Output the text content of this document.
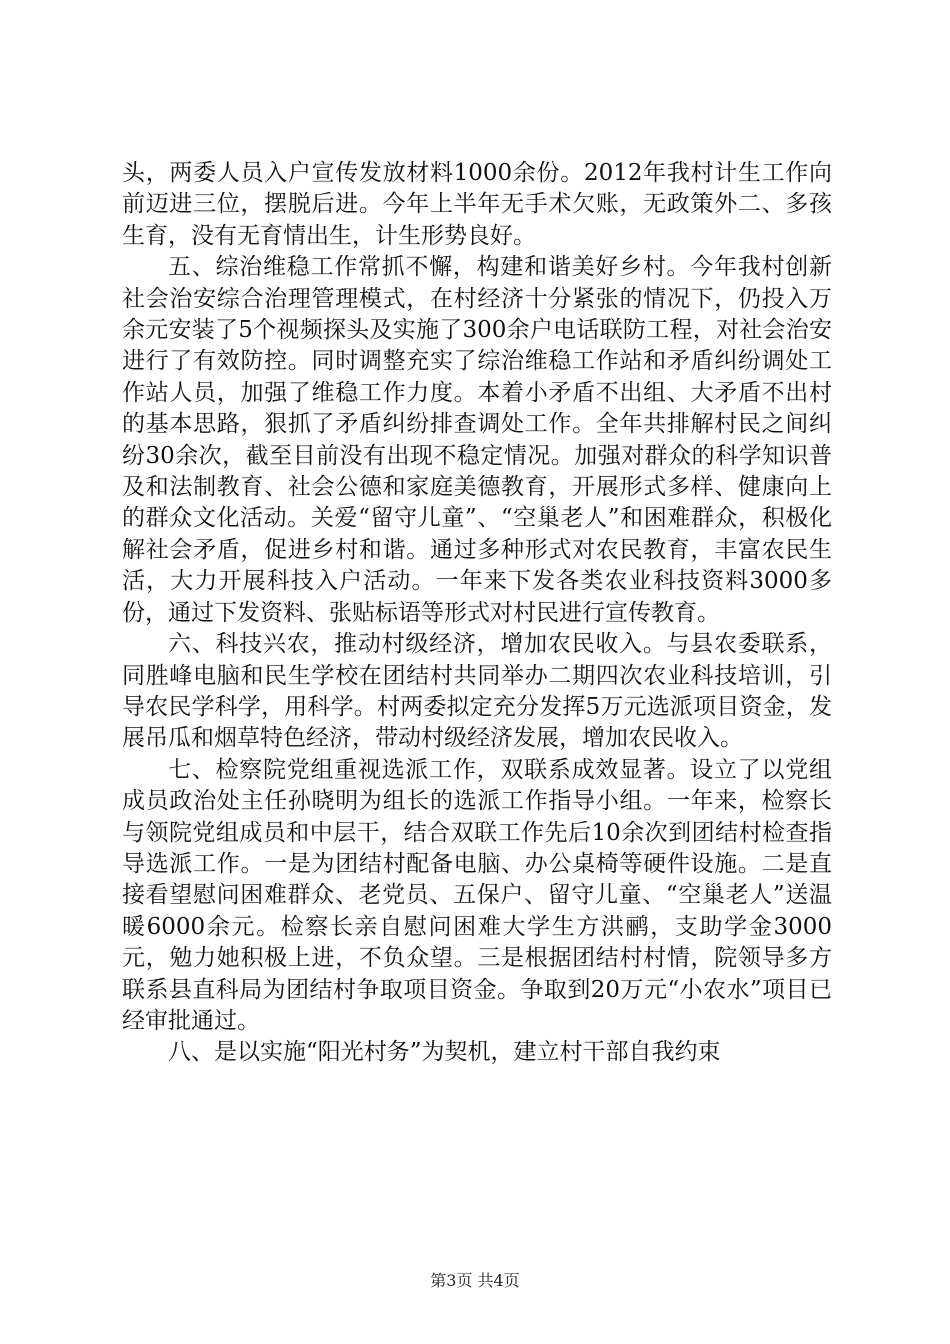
头，两委人员入户宣传发放材料1000余份。2012年我村计生工作向前迈进三位，摆脱后进。今年上半年无手术欠账，无政策外二、多孩生育，没有无育情出生，计生形势良好。

五、综治维稳工作常抓不懈，构建和谐美好乡村。今年我村创新社会治安综合治理管理模式，在村经济十分紧张的情况下，仍投入万余元安装了5个视频探头及实施了300余户电话联防工程，对社会治安进行了有效防控。同时调整充实了综治维稳工作站和矛盾纠纷调处工作站人员，加强了维稳工作力度。本着小矛盾不出组、大矛盾不出村的基本思路，狠抓了矛盾纠纷排查调处工作。全年共排解村民之间纠纷30余次，截至目前没有出现不稳定情况。加强对群众的科学知识普及和法制教育、社会公德和家庭美德教育，开展形式多样、健康向上的群众文化活动。关爱“留守儿童”、“空巢老人”和困难群众，积极化解社会矛盾，促进乡村和谐。通过多种形式对农民教育，丰富农民生活，大力开展科技入户活动。一年来下发各类农业科技资料3000多份，通过下发资料、张贴标语等形式对村民进行宣传教育。

六、科技兴农，推动村级经济，增加农民收入。与县农委联系，同胜峰电脑和民生学校在团结村共同举办二期四次农业科技培训，引导农民学科学，用科学。村两委拟定充分发挥5万元选派项目资金，发展吊瓜和烟草特色经济，带动村级经济发展，增加农民收入。

七、检察院党组重视选派工作，双联系成效显著。设立了以党组成员政治处主任孙晓明为组长的选派工作指导小组。一年来，检察长与领院党组成员和中层干，结合双联工作先后10余次到团结村检查指导选派工作。一是为团结村配备电脑、办公桌椅等硬件设施。二是直接看望慰问困难群众、老党员、五保户、留守儿童、“空巢老人”送温暖6000余元。检察长亲自慰问困难大学生方洪鹂，支助学金3000元，勉力她积极上进，不负众望。三是根据团结村村情，院领导多方联系县直科局为团结村争取项目资金。争取到20万元“小农水”项目已经审批通过。

八、是以实施“阳光村务”为契机，建立村干部自我约束

第3页 共4页
